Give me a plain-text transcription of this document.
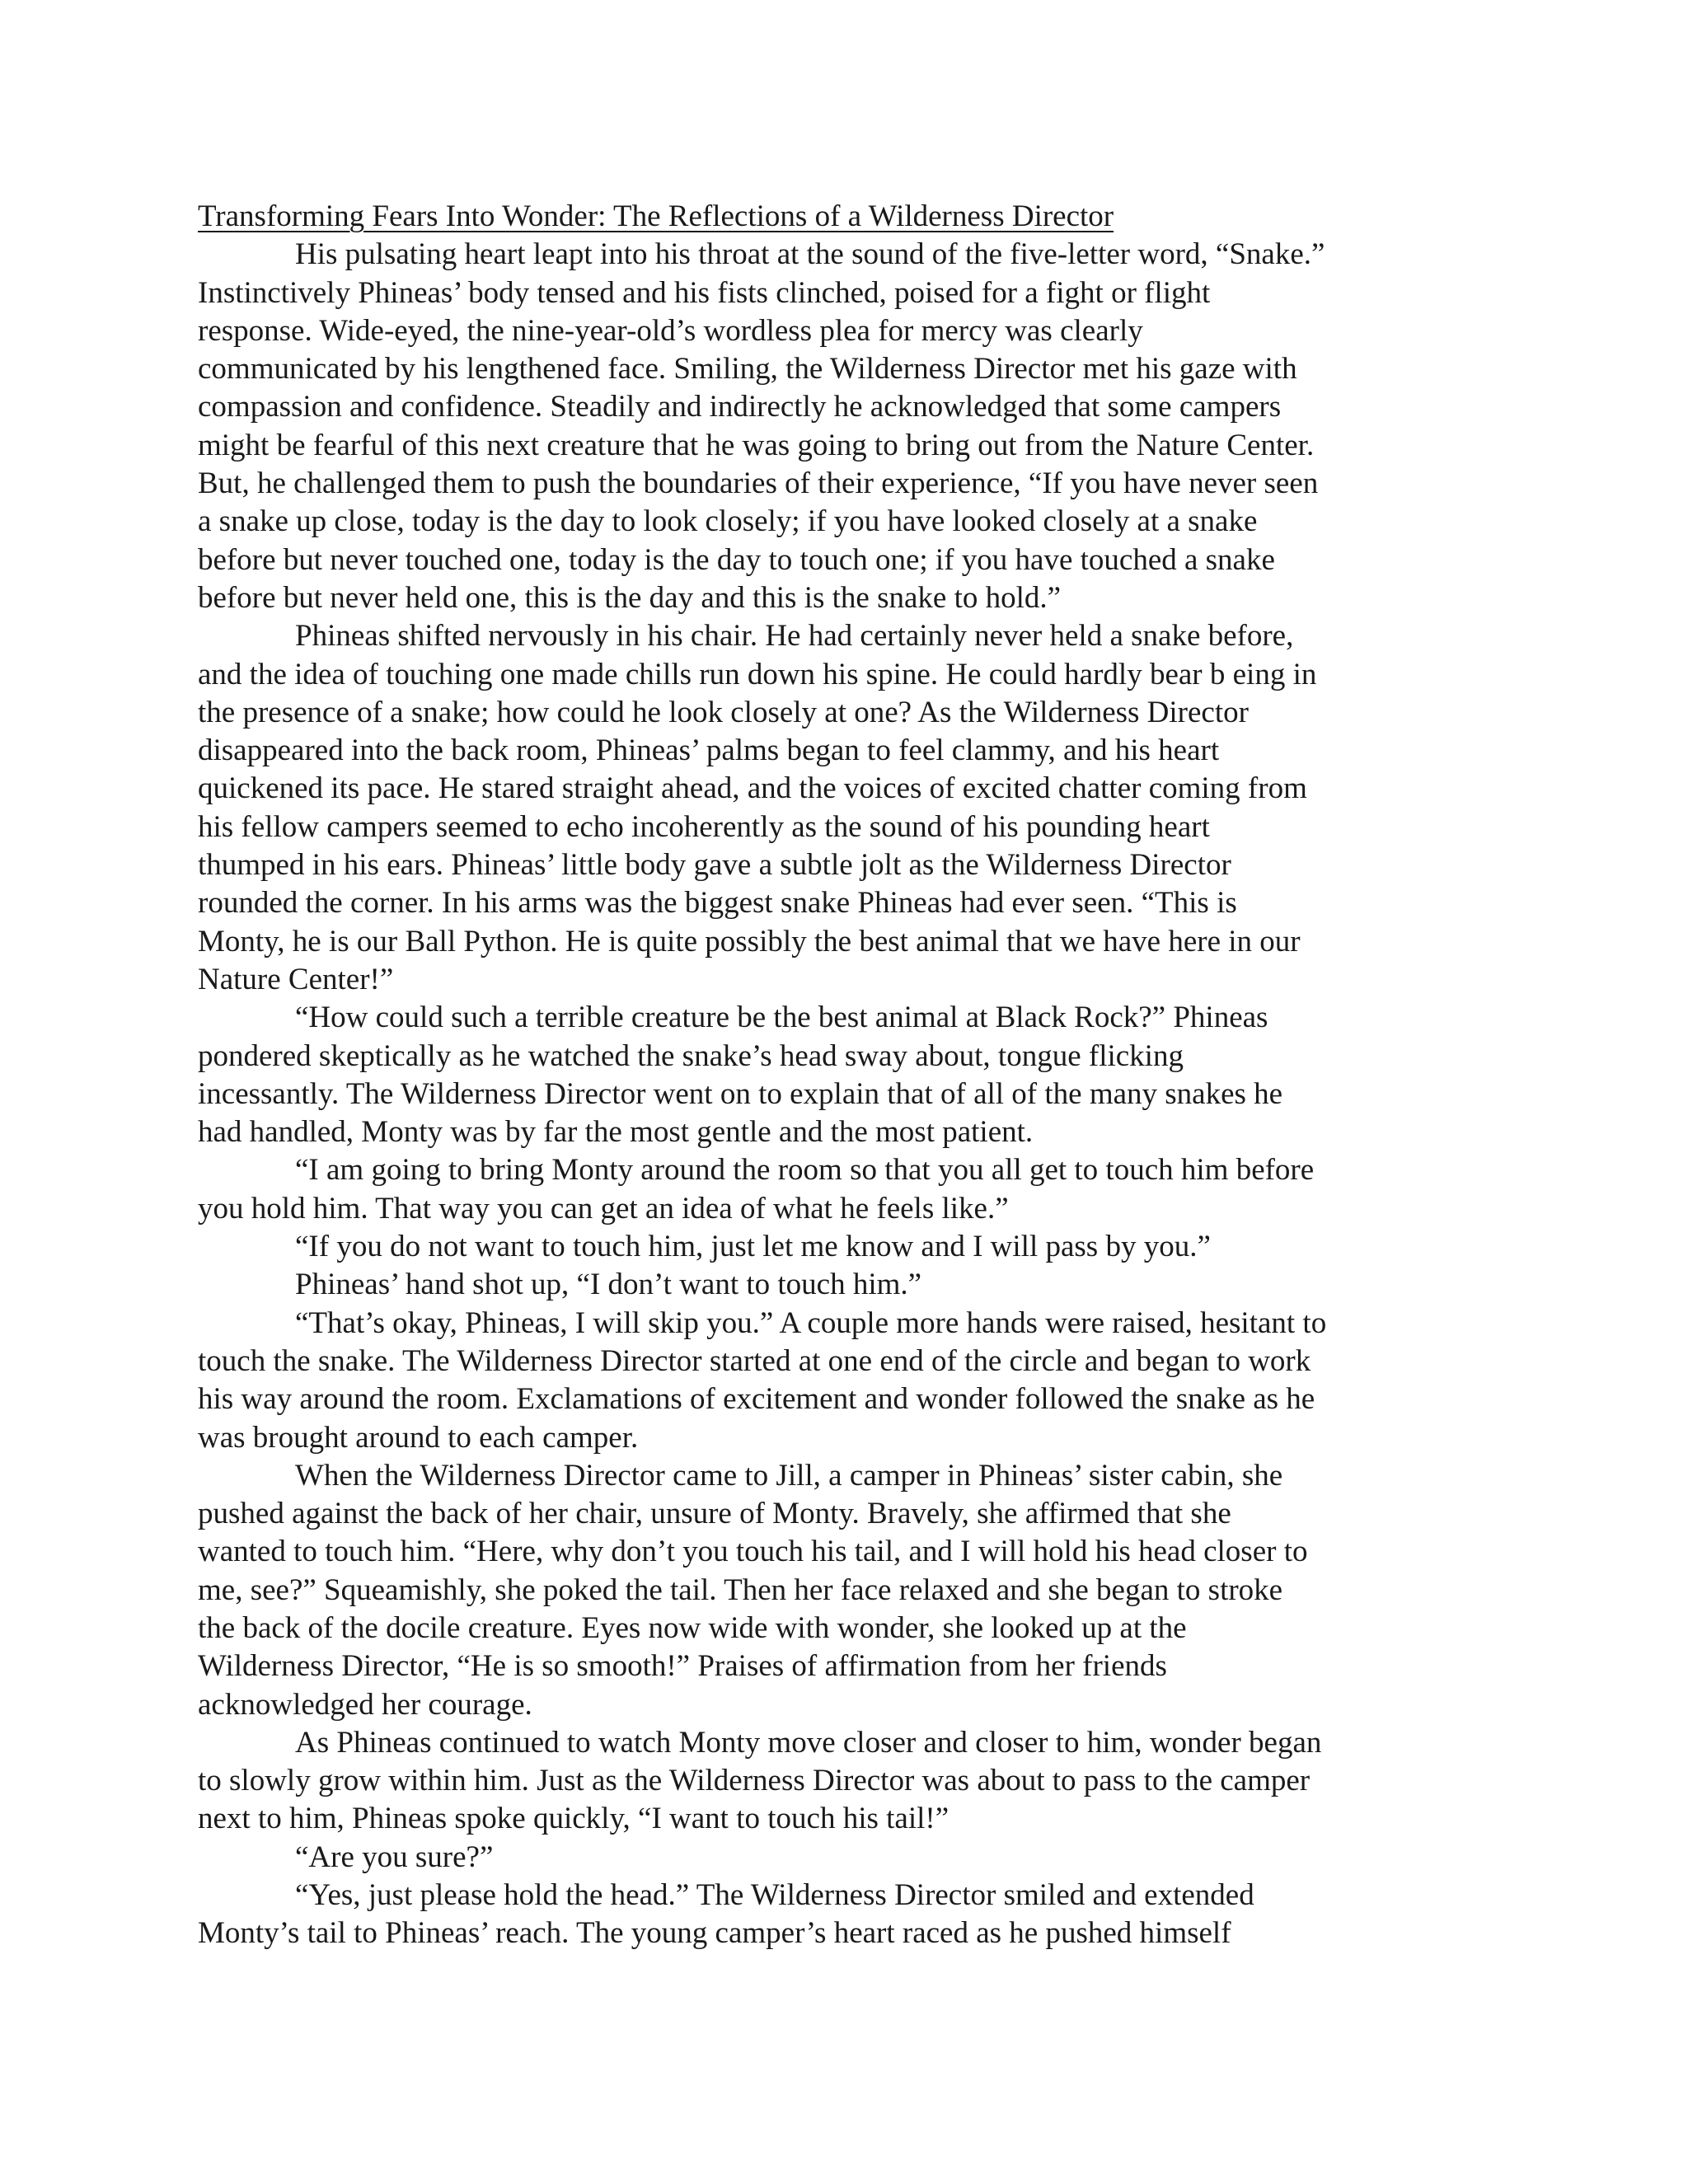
Transforming Fears Into Wonder: The Reflections of a Wilderness Director
His pulsating heart leapt into his throat at the sound of the five-letter word, “Snake.”
Instinctively Phineas’ body tensed and his fists clinched, poised for a fight or flight
response. Wide-eyed, the nine-year-old’s wordless plea for mercy was clearly
communicated by his lengthened face. Smiling, the Wilderness Director met his gaze with
compassion and confidence. Steadily and indirectly he acknowledged that some campers
might be fearful of this next creature that he was going to bring out from the Nature Center.
But, he challenged them to push the boundaries of their experience, “If you have never seen
a snake up close, today is the day to look closely; if you have looked closely at a snake
before but never touched one, today is the day to touch one; if you have touched a snake
before but never held one, this is the day and this is the snake to hold.”
Phineas shifted nervously in his chair. He had certainly never held a snake before,
and the idea of touching one made chills run down his spine. He could hardly bear b eing in
the presence of a snake; how could he look closely at one? As the Wilderness Director
disappeared into the back room, Phineas’ palms began to feel clammy, and his heart
quickened its pace. He stared straight ahead, and the voices of excited chatter coming from
his fellow campers seemed to echo incoherently as the sound of his pounding heart
thumped in his ears. Phineas’ little body gave a subtle jolt as the Wilderness Director
rounded the corner. In his arms was the biggest snake Phineas had ever seen. “This is
Monty, he is our Ball Python. He is quite possibly the best animal that we have here in our
Nature Center!”
“How could such a terrible creature be the best animal at Black Rock?” Phineas
pondered skeptically as he watched the snake’s head sway about, tongue flicking
incessantly. The Wilderness Director went on to explain that of all of the many snakes he
had handled, Monty was by far the most gentle and the most patient.
“I am going to bring Monty around the room so that you all get to touch him before
you hold him. That way you can get an idea of what he feels like.”
“If you do not want to touch him, just let me know and I will pass by you.”
Phineas’ hand shot up, “I don’t want to touch him.”
“That’s okay, Phineas, I will skip you.” A couple more hands were raised, hesitant to
touch the snake. The Wilderness Director started at one end of the circle and began to work
his way around the room. Exclamations of excitement and wonder followed the snake as he
was brought around to each camper.
When the Wilderness Director came to Jill, a camper in Phineas’ sister cabin, she
pushed against the back of her chair, unsure of Monty. Bravely, she affirmed that she
wanted to touch him. “Here, why don’t you touch his tail, and I will hold his head closer to
me, see?” Squeamishly, she poked the tail. Then her face relaxed and she began to stroke
the back of the docile creature. Eyes now wide with wonder, she looked up at the
Wilderness Director, “He is so smooth!” Praises of affirmation from her friends
acknowledged her courage.
As Phineas continued to watch Monty move closer and closer to him, wonder began
to slowly grow within him. Just as the Wilderness Director was about to pass to the camper
next to him, Phineas spoke quickly, “I want to touch his tail!”
“Are you sure?”
“Yes, just please hold the head.” The Wilderness Director smiled and extended
Monty’s tail to Phineas’ reach. The young camper’s heart raced as he pushed himself
